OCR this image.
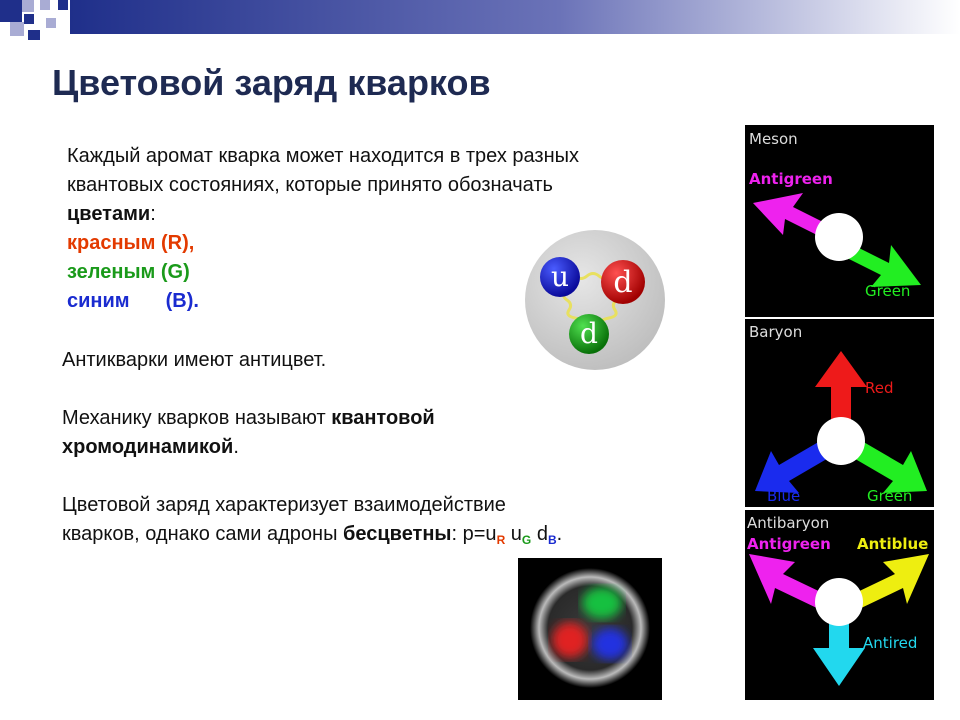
Цветовой заряд кварков
Каждый аромат кварка может находится в трех разных
квантовых состояниях, которые принято обозначать
цветами:
красным (R),
зеленым (G)
синим (B).
Антикварки имеют антицвет.
Механику кварков называют квантовой
хромодинамикой.
Цветовой заряд характеризует взаимодействие
кварков, однако сами адроны бесцветны: $p=u_R$ $u_G$ $d_B$.
u d
d
Meson
Antigreen
Green
Baryon
Red
Blue	Green
Antibaryon
Antigreen Antiblue
Antired
